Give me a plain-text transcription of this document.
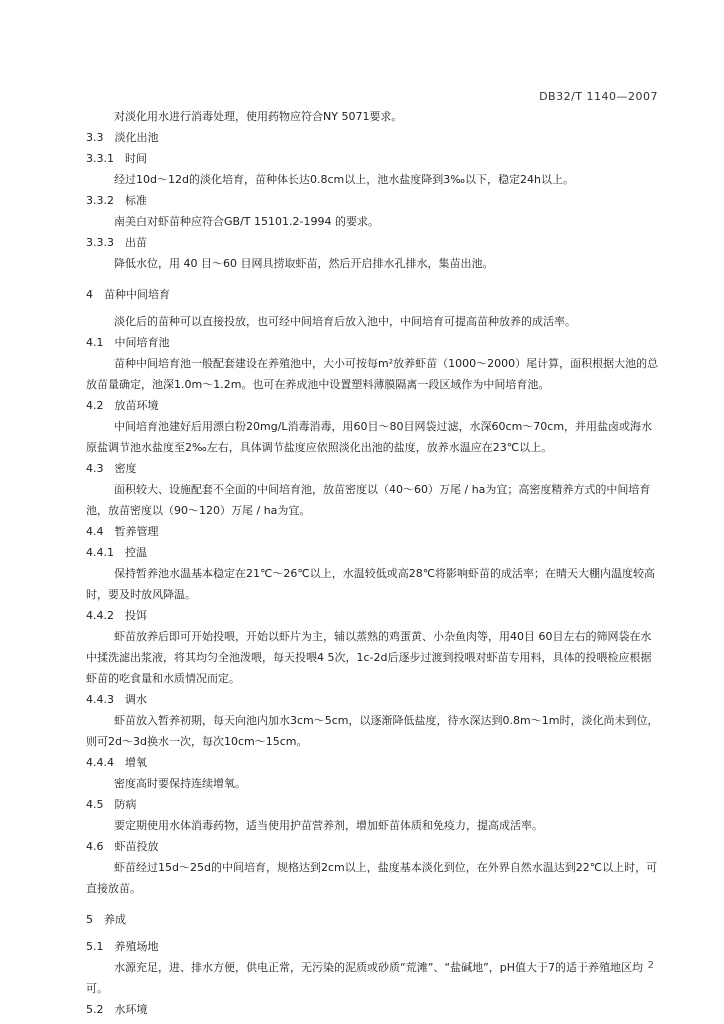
DB32/T 1140—2007
对淡化用水进行消毒处理，使用药物应符合NY 5071要求。
3.3　淡化出池
3.3.1　时间
经过10d～12d的淡化培育，苗种体长达0.8cm以上，池水盐度降到3‰以下，稳定24h以上。
3.3.2　标准
南美白对虾苗种应符合GB/T 15101.2-1994 的要求。
3.3.3　出苗
降低水位，用 40 目～60 目网具捞取虾苗，然后开启排水孔排水，集苗出池。
4　苗种中间培育
淡化后的苗种可以直接投放，也可经中间培育后放入池中，中间培育可提高苗种放养的成活率。
4.1　中间培育池
苗种中间培育池一般配套建设在养殖池中，大小可按每m²放养虾苗（1000～2000）尾计算，面积根据大池的总放苗量确定，池深1.0m～1.2m。也可在养成池中设置塑料薄膜隔离一段区域作为中间培育池。
4.2　放苗环境
中间培育池建好后用漂白粉20mg/L消毒消毒，用60目～80目网袋过滤，水深60cm～70cm，并用盐卤或海水原盐调节池水盐度至2‰左右，具体调节盐度应依照淡化出池的盐度，放养水温应在23℃以上。
4.3　密度
面积较大、设施配套不全面的中间培育池，放苗密度以（40～60）万尾 / ha为宜；高密度精养方式的中间培育池，放苗密度以（90～120）万尾 / ha为宜。
4.4　暂养管理
4.4.1　控温
保持暂养池水温基本稳定在21℃～26℃以上，水温较低或高28℃将影响虾苗的成活率；在晴天大棚内温度较高时，要及时放风降温。
4.4.2　投饵
虾苗放养后即可开始投喂，开始以虾片为主，辅以蒸熟的鸡蛋黄、小杂鱼肉等，用40目 60目左右的筛网袋在水中揉洗滤出浆液，将其均匀全池泼喂，每天投喂4 5次，1c-2d后逐步过渡到投喂对虾苗专用料，具体的投喂检应根据虾苗的吃食量和水质情况而定。
4.4.3　调水
虾苗放入暂养初期，每天向池内加水3cm～5cm，以逐渐降低盐度，待水深达到0.8m～1m时，淡化尚未到位，则可2d～3d换水一次，每次10cm～15cm。
4.4.4　增氧
密度高时要保持连续增氧。
4.5　防病
要定期使用水体消毒药物，适当使用护苗营养剂，增加虾苗体质和免疫力，提高成活率。
4.6　虾苗投放
虾苗经过15d～25d的中间培育，规格达到2cm以上，盐度基本淡化到位，在外界自然水温达到22℃以上时，可直接放苗。
5　养成
5.1　养殖场地
水源充足，进、排水方便，供电正常，无污染的泥质或砂质“荒滩”、“盐碱地”，pH值大于7的适于养殖地区均可。
5.2　水环境
2
